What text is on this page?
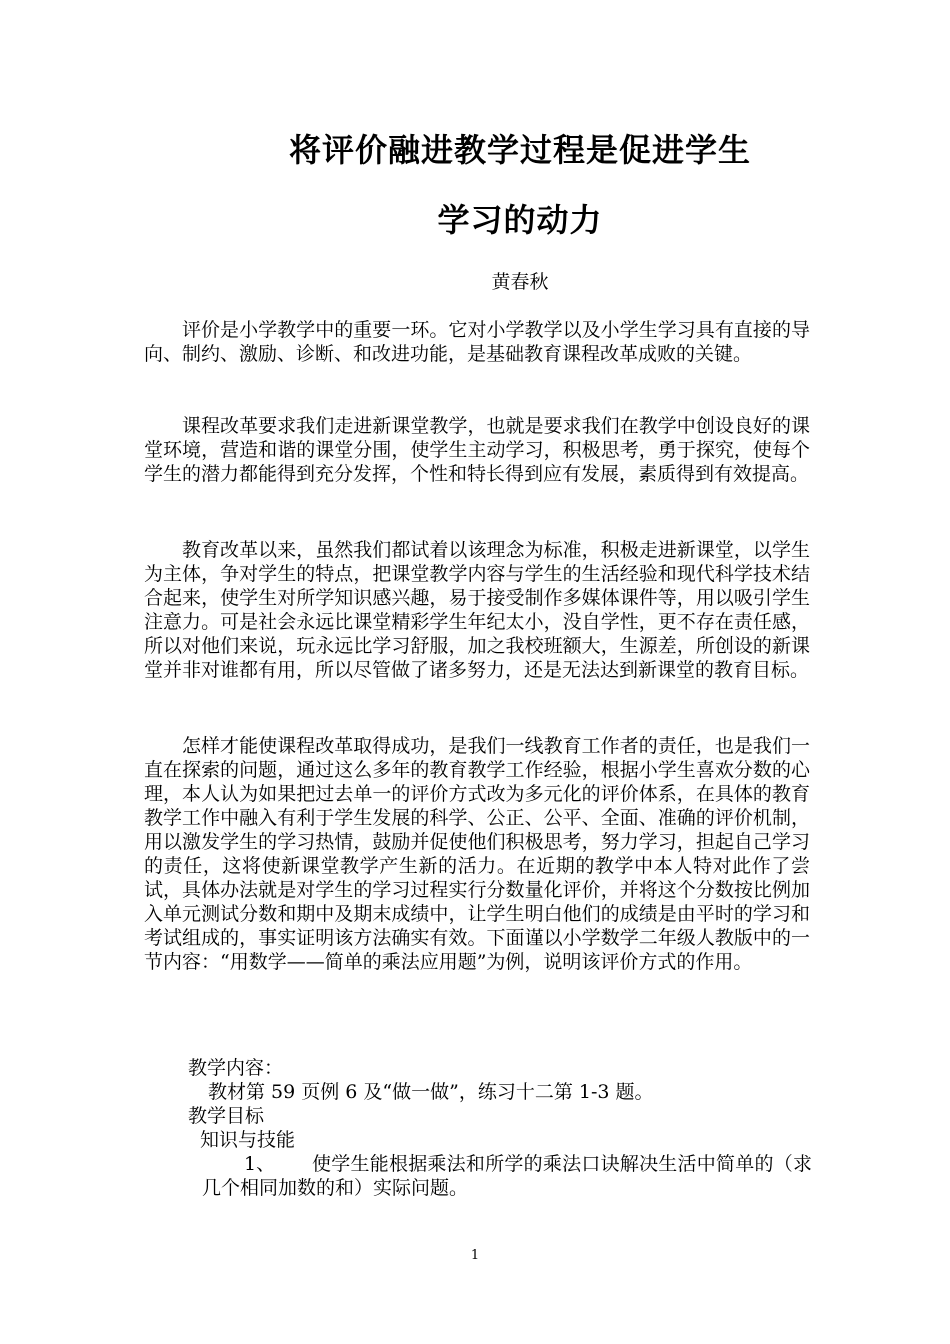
将评价融进教学过程是促进学生
学习的动力
黄春秋

评价是小学教学中的重要一环。它对小学教学以及小学生学习具有直接的导向、制约、激励、诊断、和改进功能，是基础教育课程改革成败的关键。

课程改革要求我们走进新课堂教学，也就是要求我们在教学中创设良好的课堂环境，营造和谐的课堂分围，使学生主动学习，积极思考，勇于探究，使每个学生的潜力都能得到充分发挥，个性和特长得到应有发展，素质得到有效提高。

教育改革以来，虽然我们都试着以该理念为标准，积极走进新课堂，以学生为主体，争对学生的特点，把课堂教学内容与学生的生活经验和现代科学技术结合起来，使学生对所学知识感兴趣，易于接受制作多媒体课件等，用以吸引学生注意力。可是社会永远比课堂精彩学生年纪太小，没自学性，更不存在责任感，所以对他们来说，玩永远比学习舒服，加之我校班额大，生源差，所创设的新课堂并非对谁都有用，所以尽管做了诸多努力，还是无法达到新课堂的教育目标。

怎样才能使课程改革取得成功，是我们一线教育工作者的责任，也是我们一直在探索的问题，通过这么多年的教育教学工作经验，根据小学生喜欢分数的心理，本人认为如果把过去单一的评价方式改为多元化的评价体系，在具体的教育教学工作中融入有利于学生发展的科学、公正、公平、全面、准确的评价机制，用以激发学生的学习热情，鼓励并促使他们积极思考，努力学习，担起自己学习的责任，这将使新课堂教学产生新的活力。在近期的教学中本人特对此作了尝试，具体办法就是对学生的学习过程实行分数量化评价，并将这个分数按比例加入单元测试分数和期中及期末成绩中，让学生明白他们的成绩是由平时的学习和考试组成的，事实证明该方法确实有效。下面谨以小学数学二年级人教版中的一节内容：“用数学——简单的乘法应用题”为例，说明该评价方式的作用。

教学内容：

教材第 59 页例 6 及“做一做”，练习十二第 1-3 题。

教学目标

知识与技能

1、	使学生能根据乘法和所学的乘法口诀解决生活中简单的（求几个相同加数的和）实际问题。

1
